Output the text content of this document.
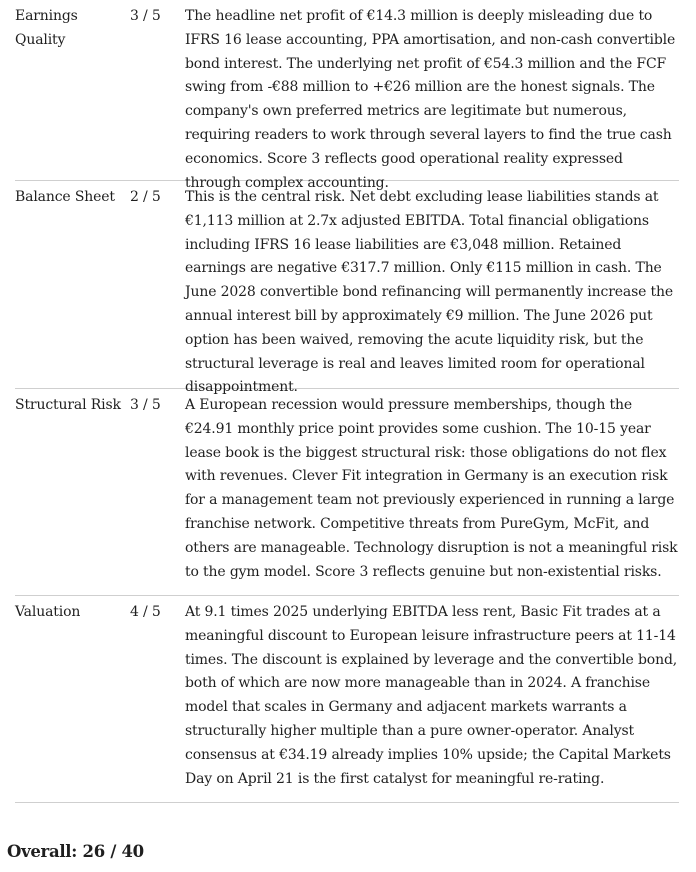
Earnings Quality
3 / 5	The headline net profit of €14.3 million is deeply misleading due to IFRS 16 lease accounting, PPA amortisation, and non-cash convertible bond interest. The underlying net profit of €54.3 million and the FCF swing from -€88 million to +€26 million are the honest signals. The company's own preferred metrics are legitimate but numerous, requiring readers to work through several layers to find the true cash economics. Score 3 reflects good operational reality expressed through complex accounting.
Balance Sheet	2 / 5	This is the central risk. Net debt excluding lease liabilities stands at €1,113 million at 2.7x adjusted EBITDA. Total financial obligations including IFRS 16 lease liabilities are €3,048 million. Retained earnings are negative €317.7 million. Only €115 million in cash. The June 2028 convertible bond refinancing will permanently increase the annual interest bill by approximately €9 million. The June 2026 put option has been waived, removing the acute liquidity risk, but the structural leverage is real and leaves limited room for operational disappointment.
Structural Risk 3 / 5	A European recession would pressure memberships, though the €24.91 monthly price point provides some cushion. The 10-15 year lease book is the biggest structural risk: those obligations do not flex with revenues. Clever Fit integration in Germany is an execution risk for a management team not previously experienced in running a large franchise network. Competitive threats from PureGym, McFit, and others are manageable. Technology disruption is not a meaningful risk to the gym model. Score 3 reflects genuine but non-existential risks.
Valuation	4 / 5	At 9.1 times 2025 underlying EBITDA less rent, Basic Fit trades at a meaningful discount to European leisure infrastructure peers at 11-14 times. The discount is explained by leverage and the convertible bond, both of which are now more manageable than in 2024. A franchise model that scales in Germany and adjacent markets warrants a structurally higher multiple than a pure owner-operator. Analyst consensus at €34.19 already implies 10% upside; the Capital Markets Day on April 21 is the first catalyst for meaningful re-rating.
Overall: 26 / 40
